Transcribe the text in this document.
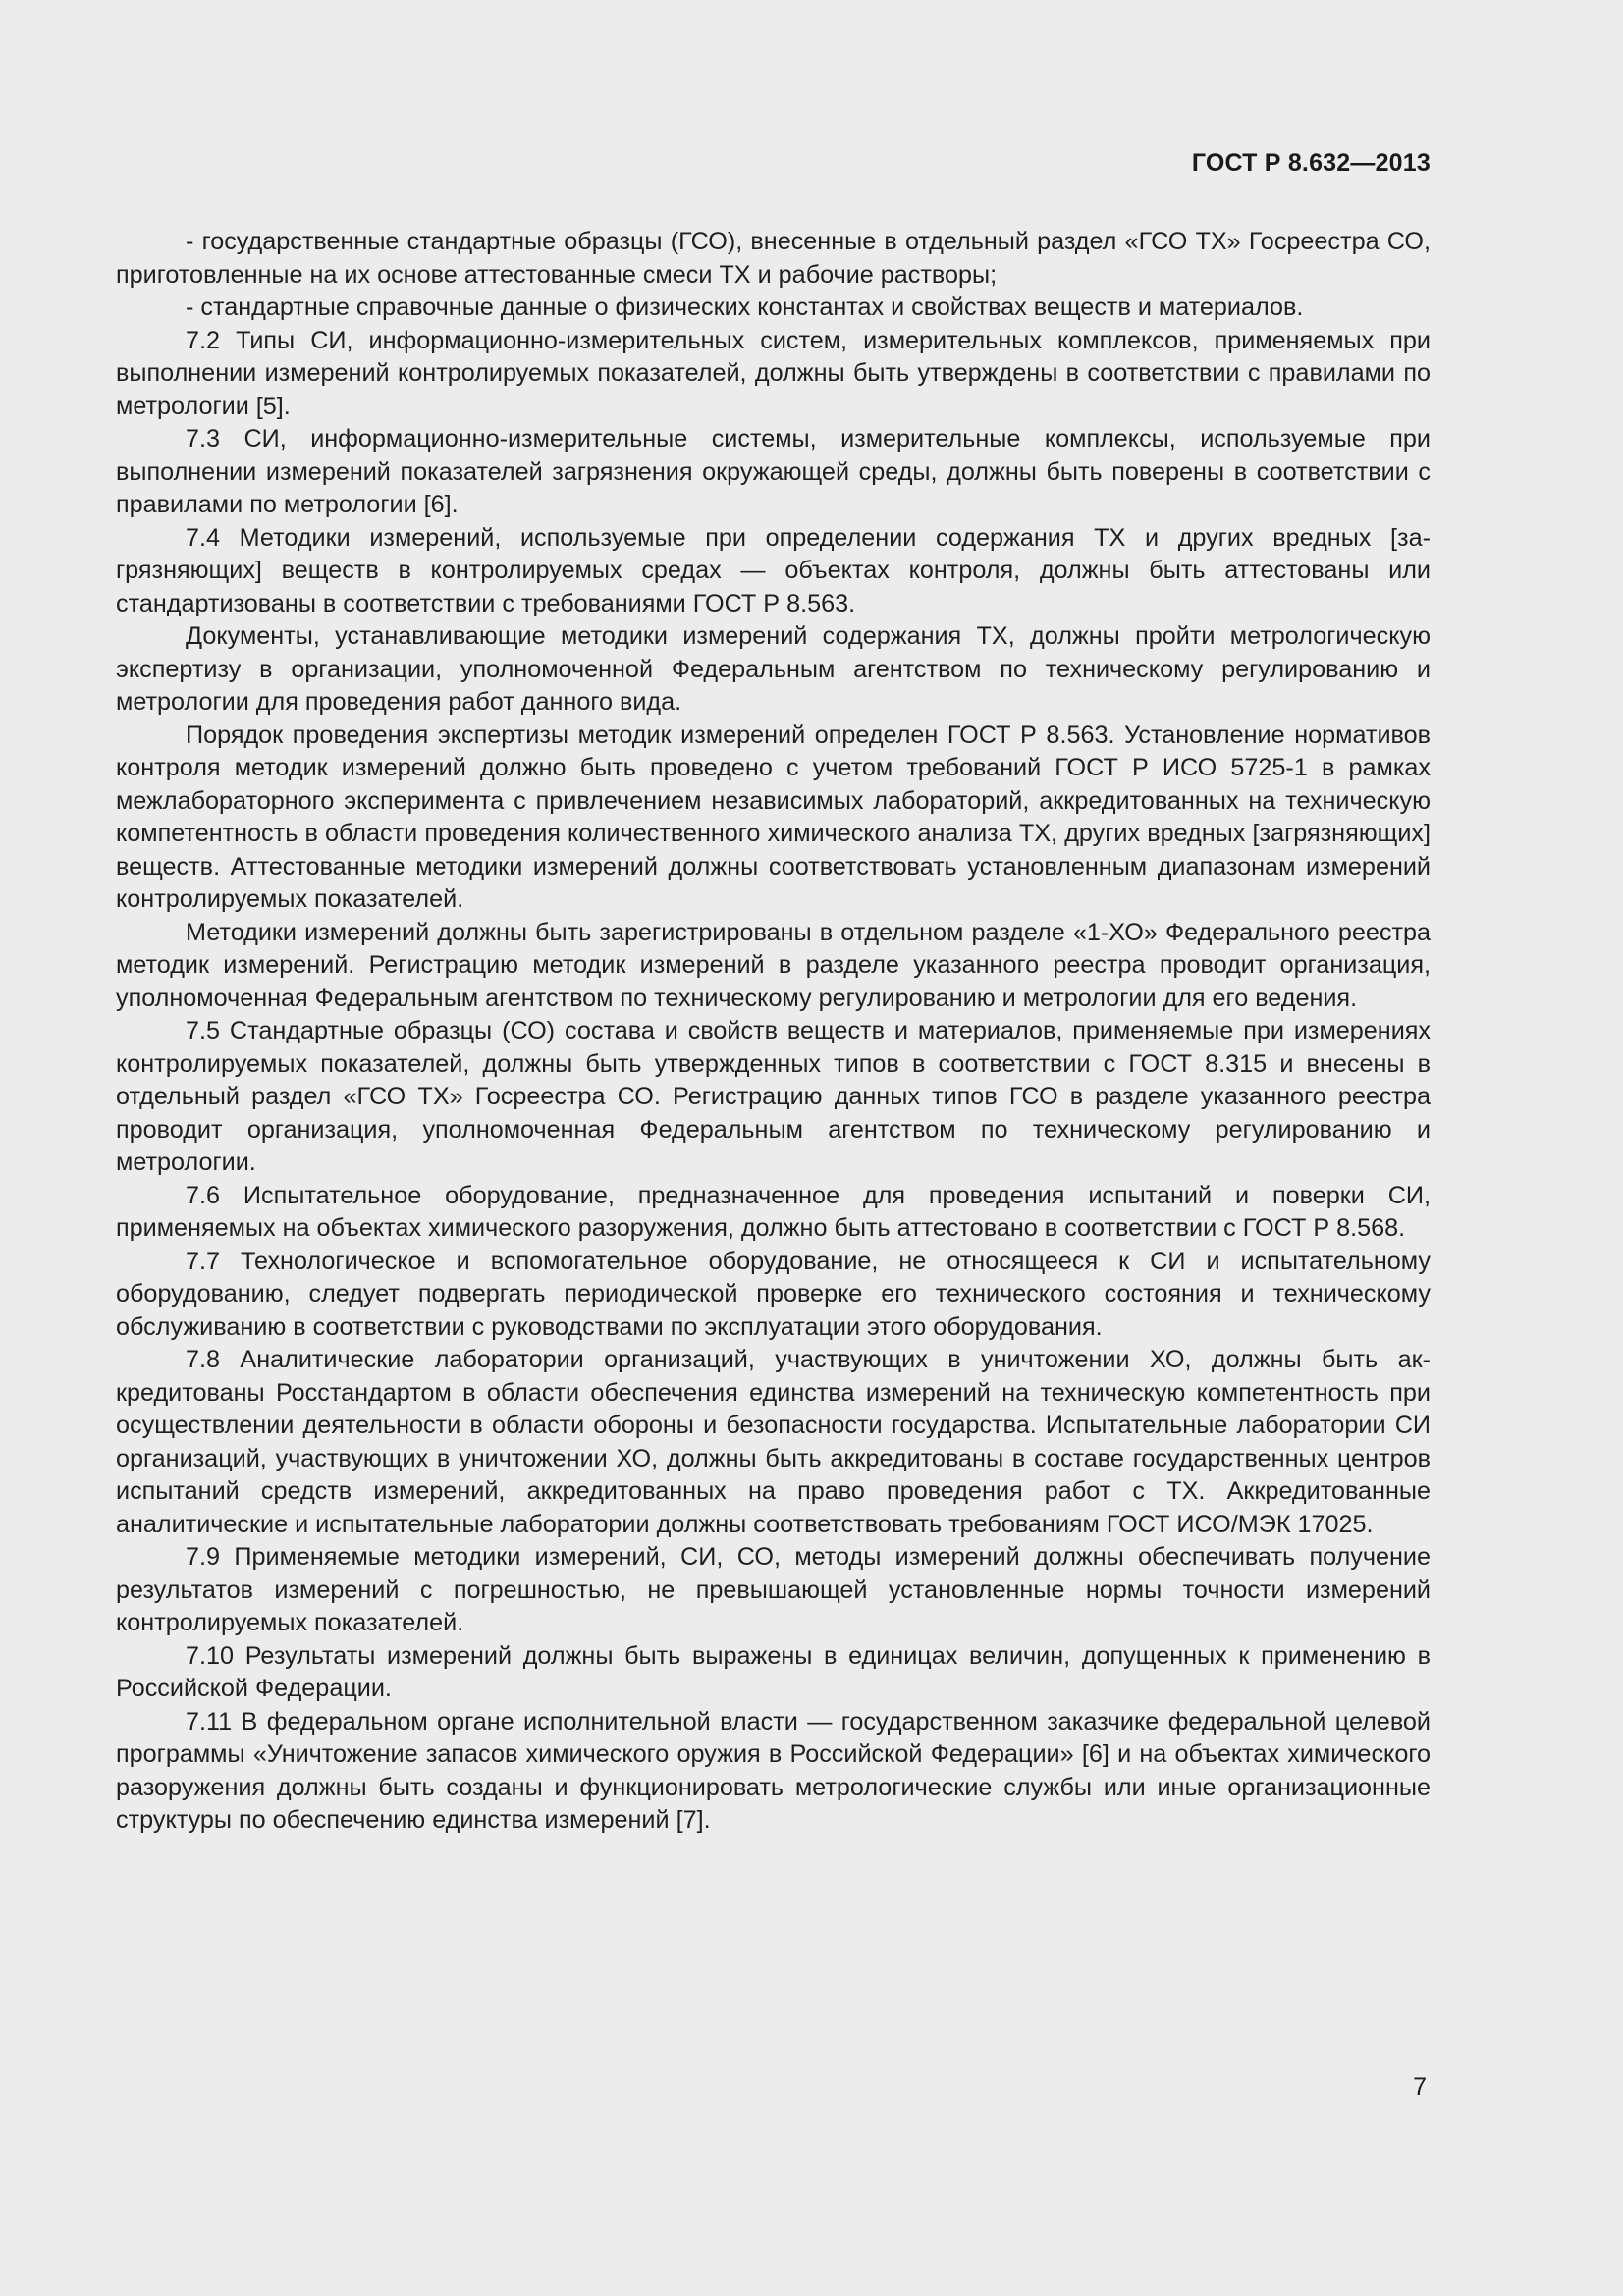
ГОСТ Р 8.632—2013

- государственные стандартные образцы (ГСО), внесенные в отдельный раздел «ГСО ТХ» Госреестра СО, приготовленные на их основе аттестованные смеси ТХ и рабочие растворы;

- стандартные справочные данные о физических константах и свойствах веществ и материалов.

7.2 Типы СИ, информационно-измерительных систем, измерительных комплексов, применяемых при выполнении измерений контролируемых показателей, должны быть утверждены в соответствии с правилами по метрологии [5].

7.3 СИ, информационно-измерительные системы, измерительные комплексы, используемые при выполнении измерений показателей загрязнения окружающей среды, должны быть поверены в соответствии с правилами по метрологии [6].

7.4 Методики измерений, используемые при определении содержания ТХ и других вредных [загрязняющих] веществ в контролируемых средах — объектах контроля, должны быть аттестованы или стандартизованы в соответствии с требованиями ГОСТ Р 8.563.

Документы, устанавливающие методики измерений содержания ТХ, должны пройти метрологическую экспертизу в организации, уполномоченной Федеральным агентством по техническому регулированию и метрологии для проведения работ данного вида.

Порядок проведения экспертизы методик измерений определен ГОСТ Р 8.563. Установление нормативов контроля методик измерений должно быть проведено с учетом требований ГОСТ Р ИСО 5725-1 в рамках межлабораторного эксперимента с привлечением независимых лабораторий, аккредитованных на техническую компетентность в области проведения количественного химического анализа ТХ, других вредных [загрязняющих] веществ. Аттестованные методики измерений должны соответствовать установленным диапазонам измерений контролируемых показателей.

Методики измерений должны быть зарегистрированы в отдельном разделе «1-ХО» Федерального реестра методик измерений. Регистрацию методик измерений в разделе указанного реестра проводит организация, уполномоченная Федеральным агентством по техническому регулированию и метрологии для его ведения.

7.5 Стандартные образцы (СО) состава и свойств веществ и материалов, применяемые при измерениях контролируемых показателей, должны быть утвержденных типов в соответствии с ГОСТ 8.315 и внесены в отдельный раздел «ГСО ТХ» Госреестра СО. Регистрацию данных типов ГСО в разделе указанного реестра проводит организация, уполномоченная Федеральным агентством по техническому регулированию и метрологии.

7.6 Испытательное оборудование, предназначенное для проведения испытаний и поверки СИ, применяемых на объектах химического разоружения, должно быть аттестовано в соответствии с ГОСТ Р 8.568.

7.7 Технологическое и вспомогательное оборудование, не относящееся к СИ и испытательному оборудованию, следует подвергать периодической проверке его технического состояния и техническому обслуживанию в соответствии с руководствами по эксплуатации этого оборудования.

7.8 Аналитические лаборатории организаций, участвующих в уничтожении ХО, должны быть аккредитованы Росстандартом в области обеспечения единства измерений на техническую компетентность при осуществлении деятельности в области обороны и безопасности государства. Испытательные лаборатории СИ организаций, участвующих в уничтожении ХО, должны быть аккредитованы в составе государственных центров испытаний средств измерений, аккредитованных на право проведения работ с ТХ. Аккредитованные аналитические и испытательные лаборатории должны соответствовать требованиям ГОСТ ИСО/МЭК 17025.

7.9 Применяемые методики измерений, СИ, СО, методы измерений должны обеспечивать получение результатов измерений с погрешностью, не превышающей установленные нормы точности измерений контролируемых показателей.

7.10 Результаты измерений должны быть выражены в единицах величин, допущенных к применению в Российской Федерации.

7.11 В федеральном органе исполнительной власти — государственном заказчике федеральной целевой программы «Уничтожение запасов химического оружия в Российской Федерации» [6] и на объектах химического разоружения должны быть созданы и функционировать метрологические службы или иные организационные структуры по обеспечению единства измерений [7].

7
